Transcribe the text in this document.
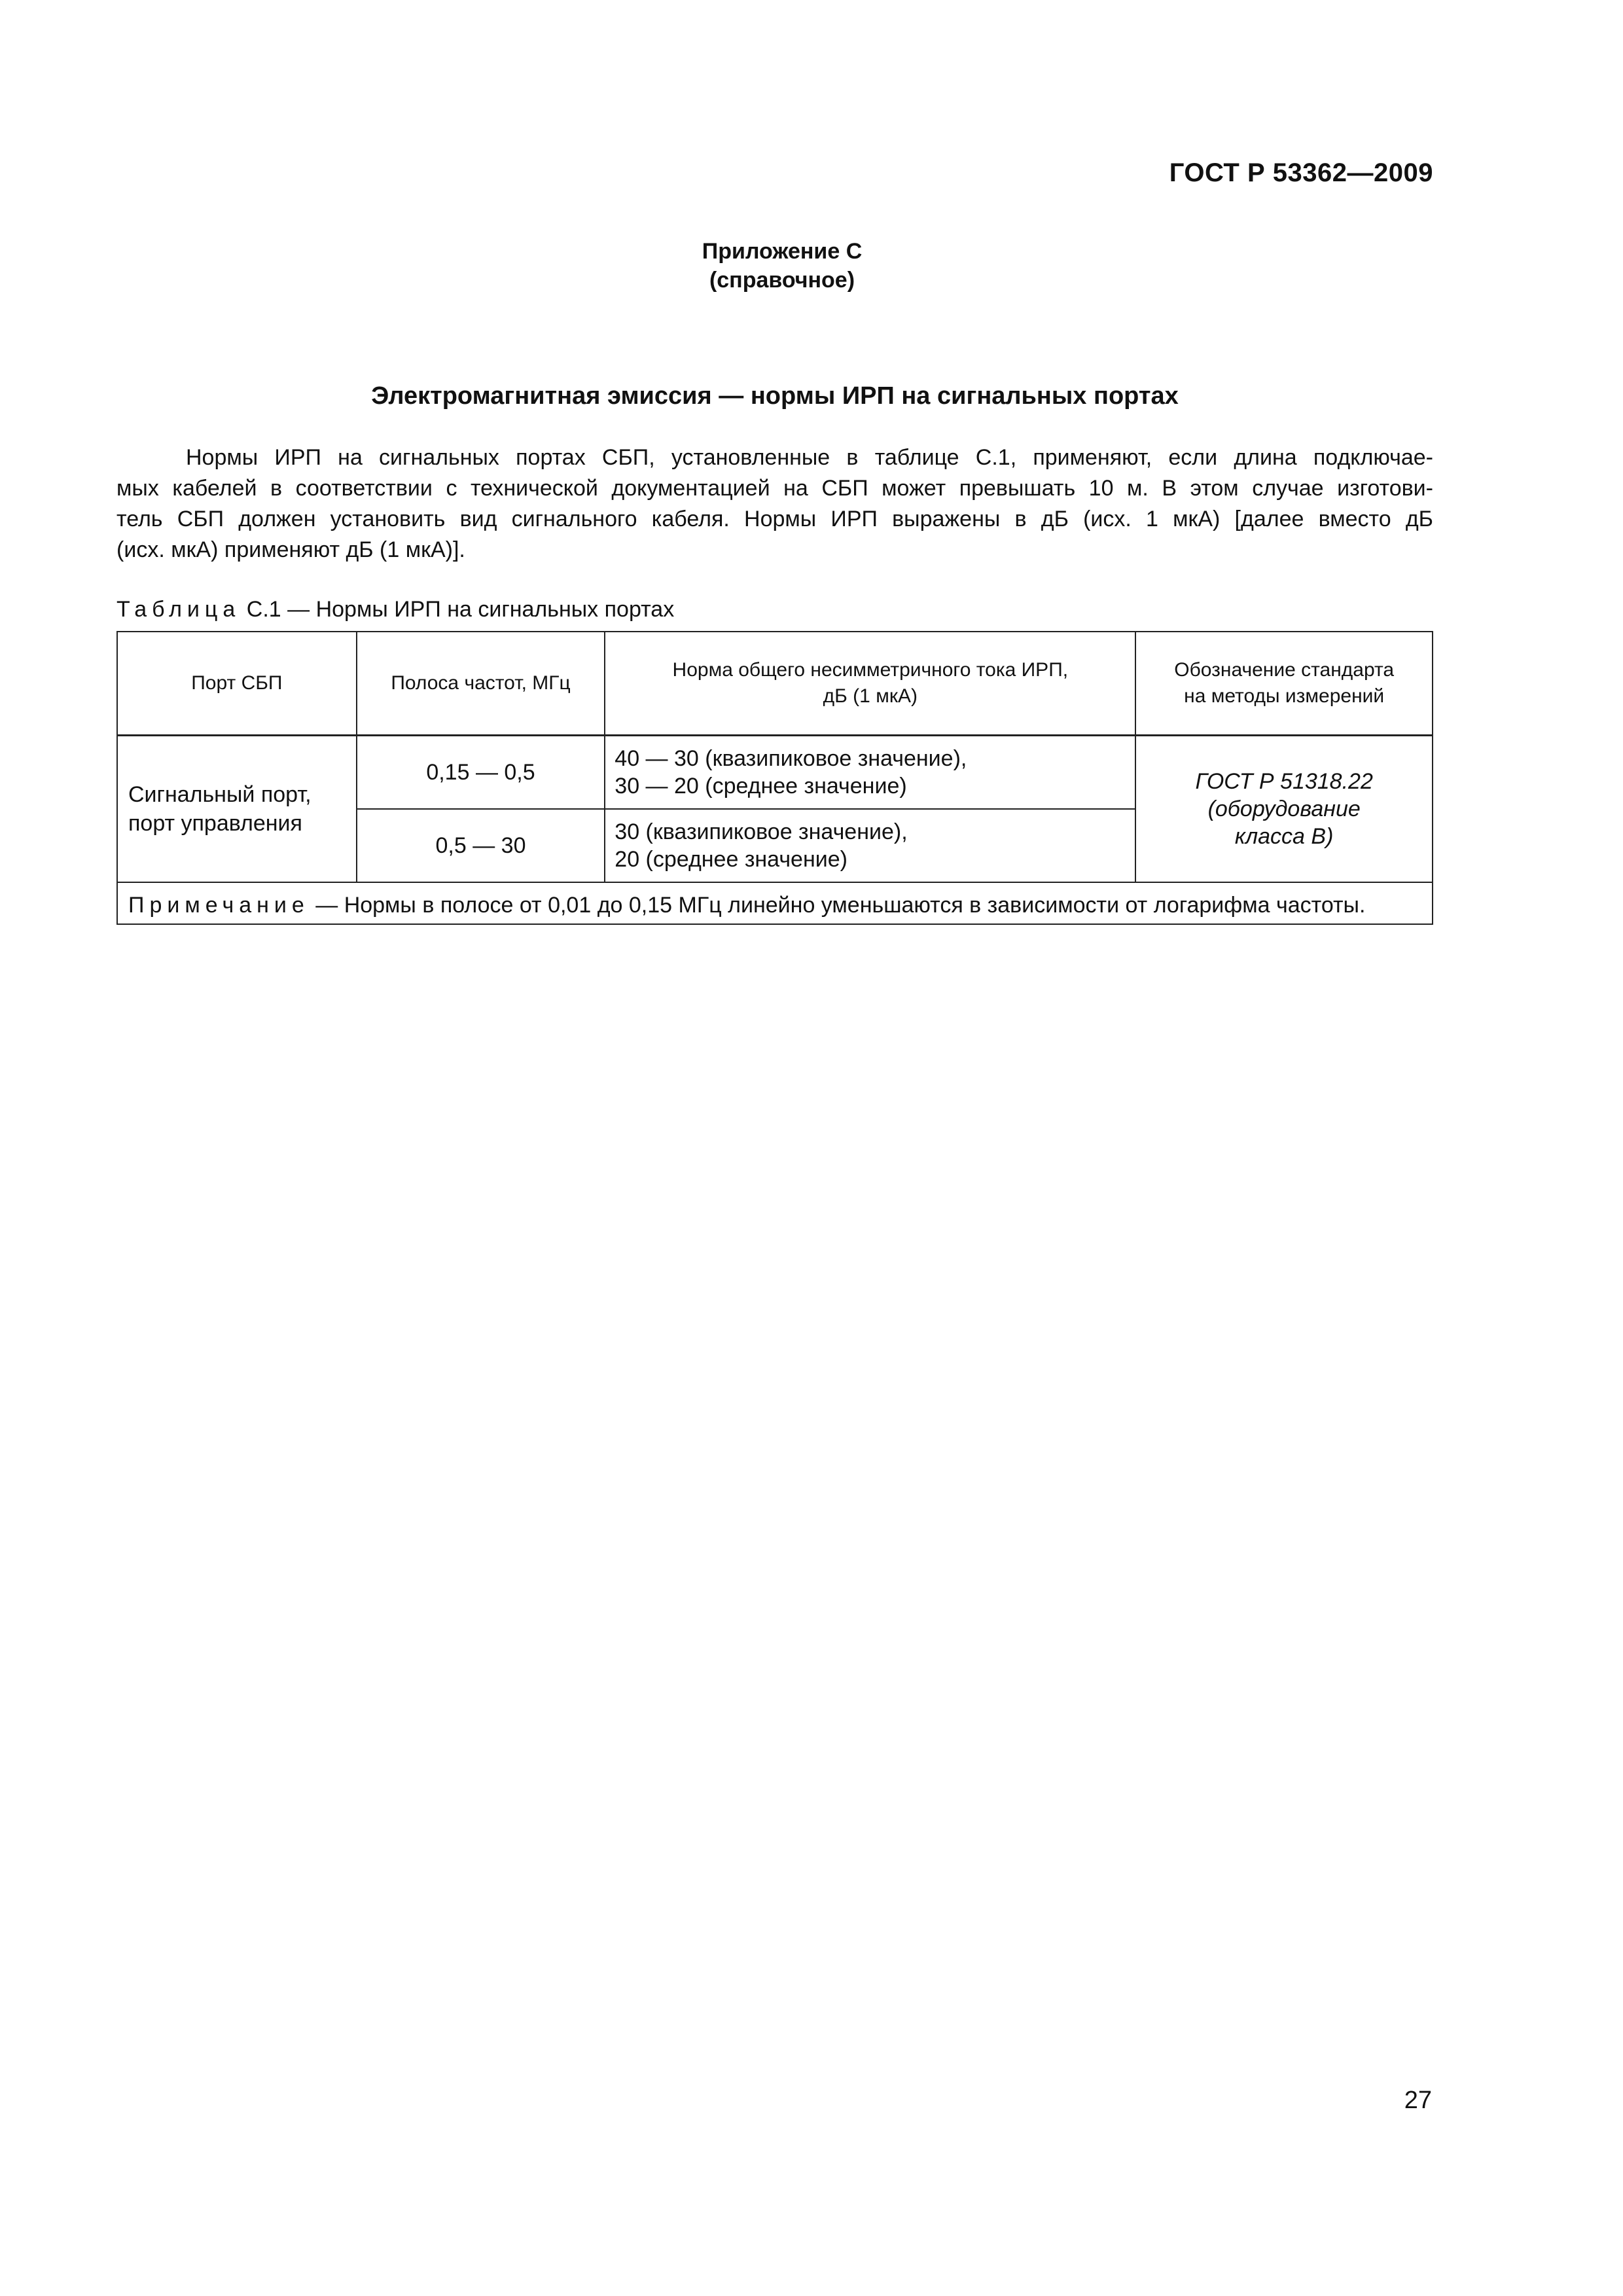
ГОСТ Р 53362—2009
Приложение С
(справочное)
Электромагнитная эмиссия — нормы ИРП на сигнальных портах

Нормы ИРП на сигнальных портах СБП, установленные в таблице С.1, применяют, если длина подключае-
мых кабелей в соответствии с технической документацией на СБП может превышать 10 м. В этом случае изготови-
тель СБП должен установить вид сигнального кабеля. Нормы ИРП выражены в дБ (исх. 1 мкА) [далее вместо дБ
(исх. мкА) применяют дБ (1 мкА)].

Таблица С.1 — Нормы ИРП на сигнальных портах
Порт СБП	Полоса частот, МГц	Норма общего несимметричного тока ИРП,
дБ (1 мкА)	Обозначение стандарта
на методы измерений

Сигнальный порт,
порт управления	0,15 — 0,5	40 — 30 (квазипиковое значение),
30 — 20 (среднее значение)	ГОСТ Р 51318.22
(оборудование
класса В)

	0,5 — 30	30 (квазипиковое значение),
20 (среднее значение)	

Примечание — Нормы в полосе от 0,01 до 0,15 МГц линейно уменьшаются в зависимости от логарифма частоты.			
27
